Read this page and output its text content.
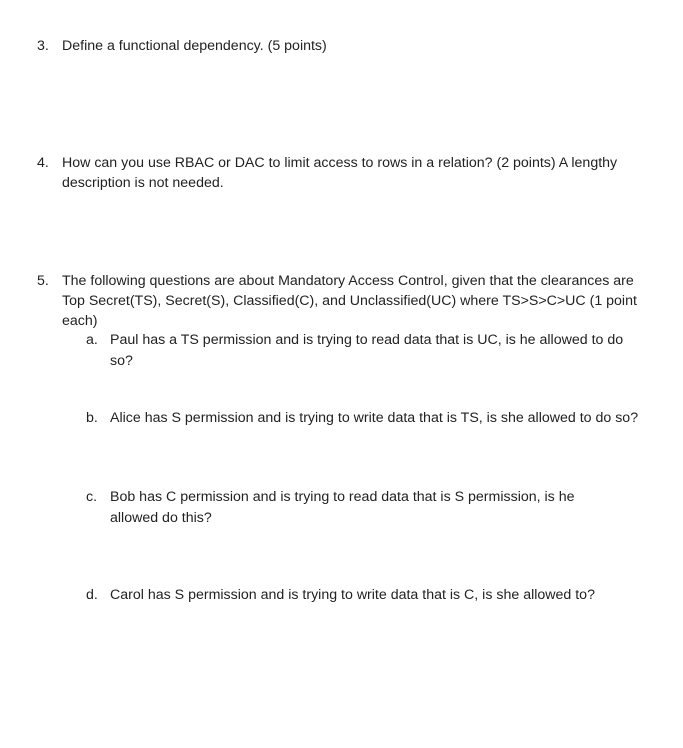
3. Define a functional dependency. (5 points)
4. How can you use RBAC or DAC to limit access to rows in a relation? (2 points) A lengthy description is not needed.
5. The following questions are about Mandatory Access Control, given that the clearances are Top Secret(TS), Secret(S), Classified(C), and Unclassified(UC) where TS>S>C>UC (1 point each)
a. Paul has a TS permission and is trying to read data that is UC, is he allowed to do so?
b. Alice has S permission and is trying to write data that is TS, is she allowed to do so?
c. Bob has C permission and is trying to read data that is S permission, is he allowed do this?
d. Carol has S permission and is trying to write data that is C, is she allowed to?
